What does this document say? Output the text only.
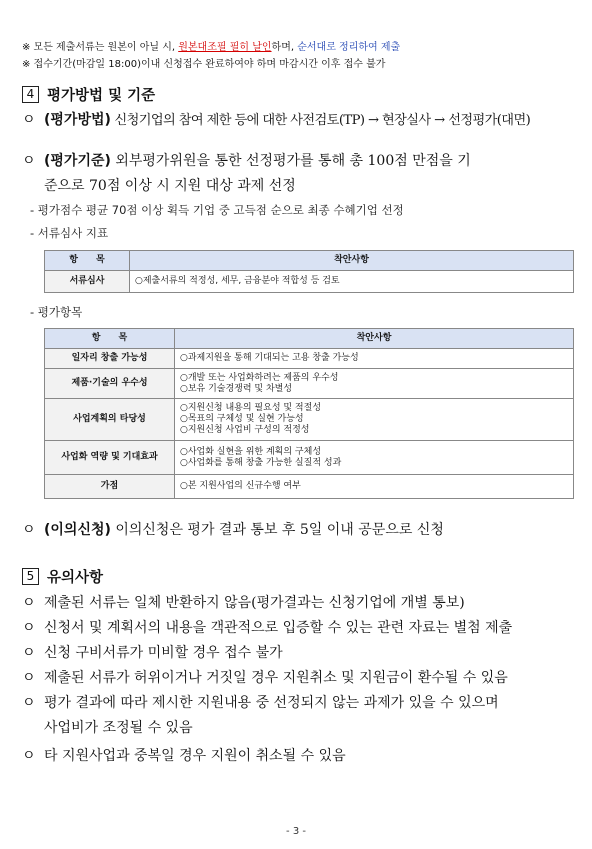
※ 모든 제출서류는 원본이 아닐 시, 원본대조필 필히 날인하며, 순서대로 정리하여 제출
※ 접수기간(마감일 18:00)이내 신청접수 완료하여야 하며 마감시간 이후 접수 불가
4 평가방법 및 기준
ㅇ (평가방법) 신청기업의 참여 제한 등에 대한 사전검토(TP) → 현장실사 → 선정평가(대면)
ㅇ (평가기준) 외부평가위원을 통한 선정평가를 통해 총 100점 만점을 기
준으로 70점 이상 시 지원 대상 과제 선정
- 평가점수 평균 70점 이상 획득 기업 중 고득점 순으로 최종 수혜기업 선정
- 서류심사 지표
항　　목	착안사항
서류심사	○제출서류의 적정성, 세무, 금융분야 적합성 등 검토
- 평가항목
항　　목	착안사항
일자리 창출 가능성	○과제지원을 통해 기대되는 고용 창출 가능성

제품·기술의 우수성	○개발 또는 사업화하려는 제품의 우수성
○보유 기술경쟁력 및 차별성

사업계획의 타당성	○지원신청 내용의 필요성 및 적절성
○목표의 구체성 및 실현 가능성
○지원신청 사업비 구성의 적정성

사업화 역량 및 기대효과	○사업화 실현을 위한 계획의 구체성
○사업화를 통해 창출 가능한 실질적 성과

가점	○본 지원사업의 신규수행 여부
ㅇ (이의신청) 이의신청은 평가 결과 통보 후 5일 이내 공문으로 신청
5 유의사항
ㅇ 제출된 서류는 일체 반환하지 않음(평가결과는 신청기업에 개별 통보)
ㅇ 신청서 및 계획서의 내용을 객관적으로 입증할 수 있는 관련 자료는 별첨 제출
ㅇ 신청 구비서류가 미비할 경우 접수 불가
ㅇ 제출된 서류가 허위이거나 거짓일 경우 지원취소 및 지원금이 환수될 수 있음
ㅇ 평가 결과에 따라 제시한 지원내용 중 선정되지 않는 과제가 있을 수 있으며
사업비가 조정될 수 있음
ㅇ 타 지원사업과 중복일 경우 지원이 취소될 수 있음
- 3 -
